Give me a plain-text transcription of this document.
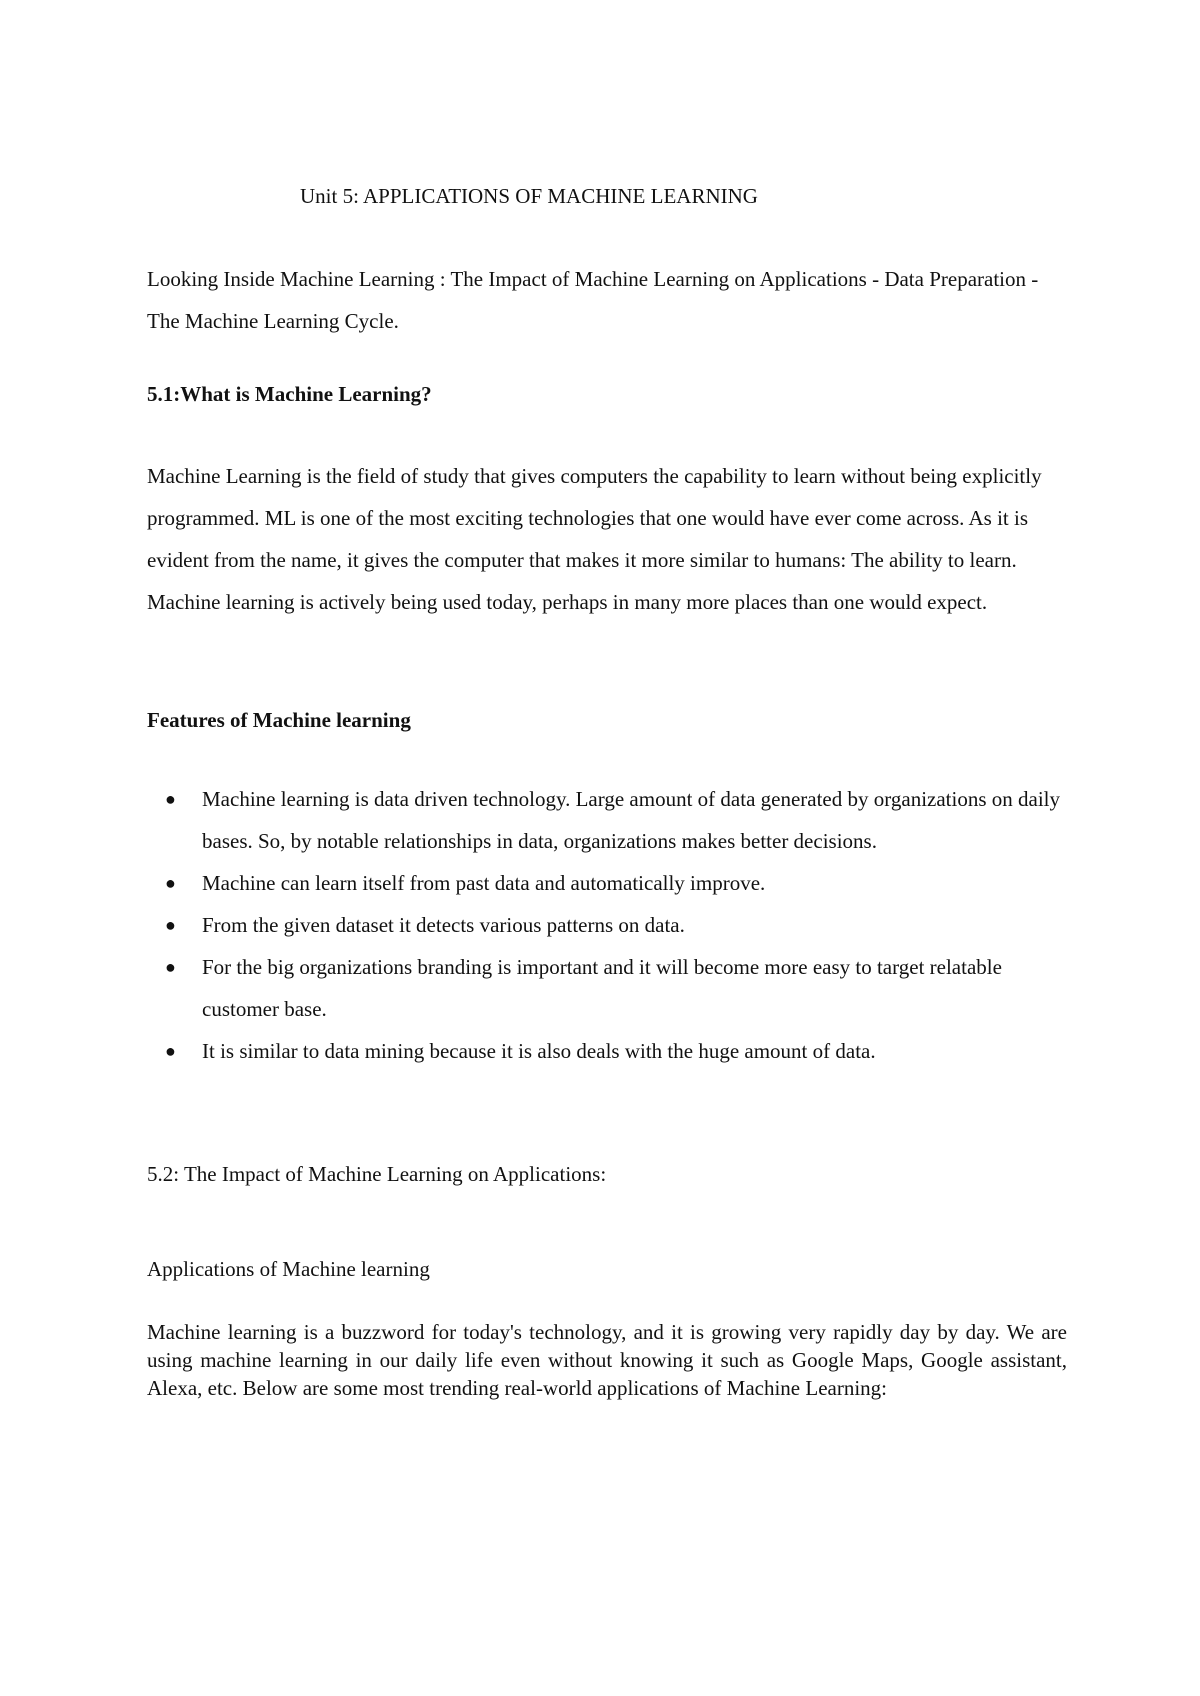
Unit 5: APPLICATIONS OF MACHINE LEARNING

Looking Inside Machine Learning : The Impact of Machine Learning on Applications - Data Preparation -The Machine Learning Cycle.

5.1:What is Machine Learning?

Machine Learning is the field of study that gives computers the capability to learn without being explicitly programmed. ML is one of the most exciting technologies that one would have ever come across. As it is evident from the name, it gives the computer that makes it more similar to humans: The ability to learn. Machine learning is actively being used today, perhaps in many more places than one would expect.

Features of Machine learning
● Machine learning is data driven technology. Large amount of data generated by organizations on daily bases. So, by notable relationships in data, organizations makes better decisions.
● Machine can learn itself from past data and automatically improve.
● From the given dataset it detects various patterns on data.
● For the big organizations branding is important and it will become more easy to target relatable customer base.
● It is similar to data mining because it is also deals with the huge amount of data.
5.2: The Impact of Machine Learning on Applications:
Applications of Machine learning

Machine learning is a buzzword for today's technology, and it is growing very rapidly day by day. We are using machine learning in our daily life even without knowing it such as Google Maps, Google assistant, Alexa, etc. Below are some most trending real-world applications of Machine Learning:
